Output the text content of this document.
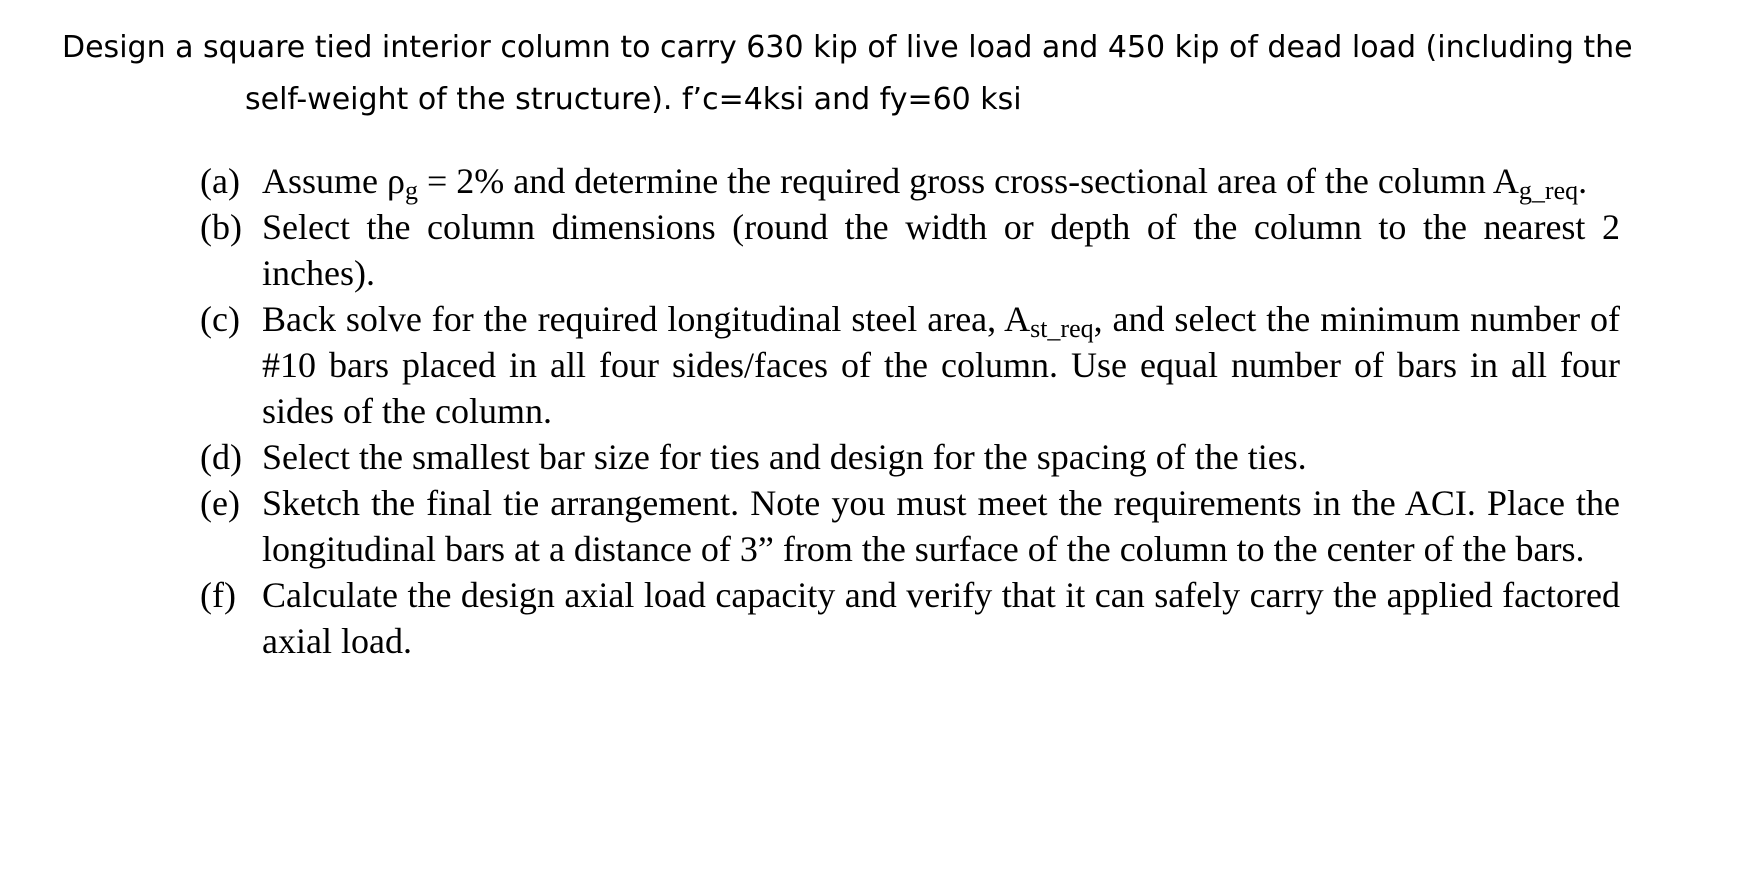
Design a square tied interior column to carry 630 kip of live load and 450 kip of dead load (including the
self-weight of the structure). f’c=4ksi and fy=60 ksi

(a) Assume $\rho_g = 2\%$ and determine the required gross cross-sectional area of the column $A_{g\_req}$.
(b) Select the column dimensions (round the width or depth of the column to the nearest 2 inches).
(c) Back solve for the required longitudinal steel area, $A_{st\_req}$, and select the minimum number of #10 bars placed in all four sides/faces of the column. Use equal number of bars in all four sides of the column.
(d) Select the smallest bar size for ties and design for the spacing of the ties.
(e) Sketch the final tie arrangement. Note you must meet the requirements in the ACI. Place the longitudinal bars at a distance of 3” from the surface of the column to the center of the bars.
(f) Calculate the design axial load capacity and verify that it can safely carry the applied factored axial load.
